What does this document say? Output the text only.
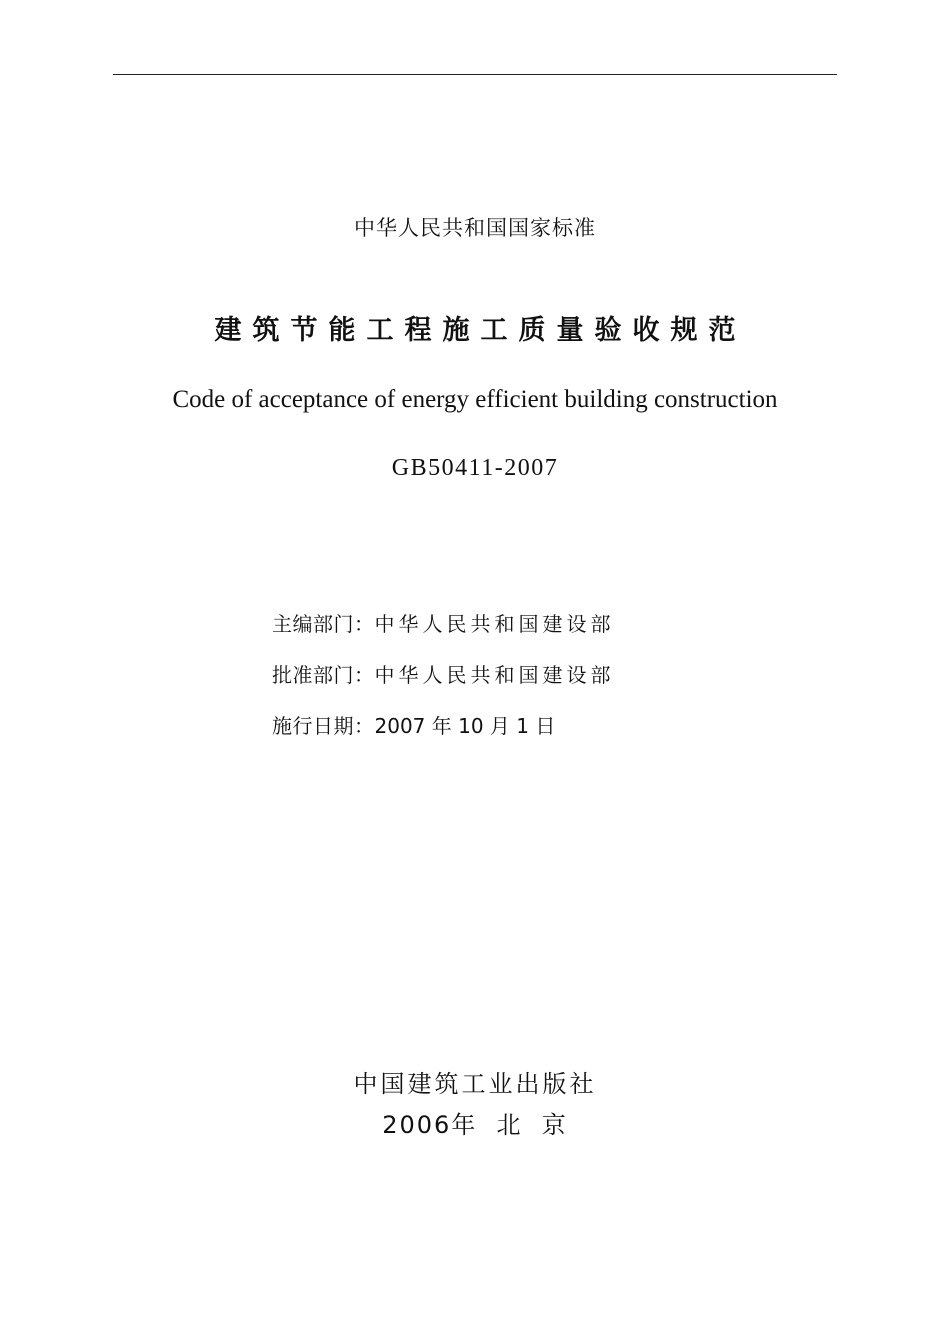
中华人民共和国国家标准
建筑节能工程施工质量验收规范
Code of acceptance of energy efficient building construction
GB50411-2007
主编部门：中华人民共和国建设部
批准部门：中华人民共和国建设部
施行日期：2007 年 10 月 1 日
中国建筑工业出版社
2006年  北  京
